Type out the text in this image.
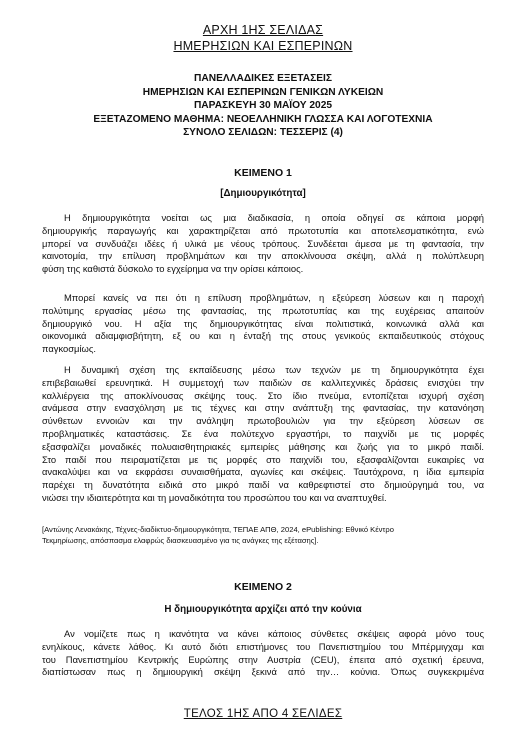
ΑΡΧΗ 1ΗΣ ΣΕΛΙΔΑΣ
ΗΜΕΡΗΣΙΩΝ ΚΑΙ ΕΣΠΕΡΙΝΩΝ
ΠΑΝΕΛΛΑΔΙΚΕΣ ΕΞΕΤΑΣΕΙΣ
ΗΜΕΡΗΣΙΩΝ ΚΑΙ ΕΣΠΕΡΙΝΩΝ ΓΕΝΙΚΩΝ ΛΥΚΕΙΩΝ
ΠΑΡΑΣΚΕΥΗ 30 ΜΑΪΟΥ 2025
ΕΞΕΤΑΖΟΜΕΝΟ ΜΑΘΗΜΑ: ΝΕΟΕΛΛΗΝΙΚΗ ΓΛΩΣΣΑ ΚΑΙ ΛΟΓΟΤΕΧΝΙΑ
ΣΥΝΟΛΟ ΣΕΛΙΔΩΝ: ΤΕΣΣΕΡΙΣ (4)
ΚΕΙΜΕΝΟ 1
[Δημιουργικότητα]
Η δημιουργικότητα νοείται ως μια διαδικασία, η οποία οδηγεί σε κάποια μορφή
δημιουργικής παραγωγής και χαρακτηρίζεται από πρωτοτυπία και αποτελεσματικότητα, ενώ
μπορεί να συνδυάζει ιδέες ή υλικά με νέους τρόπους. Συνδέεται άμεσα με τη φαντασία, την
καινοτομία, την επίλυση προβλημάτων και την αποκλίνουσα σκέψη, αλλά η πολύπλευρη
φύση της καθιστά δύσκολο το εγχείρημα να την ορίσει κάποιος.
Μπορεί κανείς να πει ότι η επίλυση προβλημάτων, η εξεύρεση λύσεων και η παροχή
πολύτιμης εργασίας μέσω της φαντασίας, της πρωτοτυπίας και της ευχέρειας απαιτούν
δημιουργικό νου. Η αξία της δημιουργικότητας είναι πολιτιστικά, κοινωνικά αλλά και
οικονομικά αδιαμφισβήτητη, εξ ου και η ένταξή της στους γενικούς εκπαιδευτικούς στόχους
παγκοσμίως.
Η δυναμική σχέση της εκπαίδευσης μέσω των τεχνών με τη δημιουργικότητα έχει
επιβεβαιωθεί ερευνητικά. Η συμμετοχή των παιδιών σε καλλιτεχνικές δράσεις ενισχύει την
καλλιέργεια της αποκλίνουσας σκέψης τους. Στο ίδιο πνεύμα, εντοπίζεται ισχυρή σχέση
ανάμεσα στην ενασχόληση με τις τέχνες και στην ανάπτυξη της φαντασίας, την κατανόηση
σύνθετων εννοιών και την ανάληψη πρωτοβουλιών για την εξεύρεση λύσεων σε
προβληματικές καταστάσεις. Σε ένα πολύτεχνο εργαστήρι, το παιχνίδι με τις μορφές
εξασφαλίζει μοναδικές πολυαισθητηριακές εμπειρίες μάθησης και ζωής για το μικρό παιδί.
Στο παιδί που πειραματίζεται με τις μορφές στο παιχνίδι του, εξασφαλίζονται ευκαιρίες να
ανακαλύψει και να εκφράσει συναισθήματα, αγωνίες και σκέψεις. Ταυτόχρονα, η ίδια εμπειρία
παρέχει τη δυνατότητα ειδικά στο μικρό παιδί να καθρεφτιστεί στο δημιούργημά του, να
νιώσει την ιδιαιτερότητα και τη μοναδικότητα του προσώπου του και να αναπτυχθεί.
[Αντώνης Λενακάκης, Τέχνες-διαδίκτυο-δημιουργικότητα, ΤΕΠΑΕ ΑΠΘ, 2024, ePublishing: Εθνικό Κέντρο
Τεκμηρίωσης, απόσπασμα ελαφρώς διασκευασμένο για τις ανάγκες της εξέτασης].
ΚΕΙΜΕΝΟ 2
Η δημιουργικότητα αρχίζει από την κούνια
Αν νομίζετε πως η ικανότητα να κάνει κάποιος σύνθετες σκέψεις αφορά μόνο τους
ενηλίκους, κάνετε λάθος. Κι αυτό διότι επιστήμονες του Πανεπιστημίου του Μπέρμιγχαμ και
του Πανεπιστημίου Κεντρικής Ευρώπης στην Αυστρία (CEU), έπειτα από σχετική έρευνα,
διαπίστωσαν πως η δημιουργική σκέψη ξεκινά από την… κούνια. Όπως συγκεκριμένα
ΤΕΛΟΣ 1ΗΣ ΑΠΟ 4 ΣΕΛΙΔΕΣ
